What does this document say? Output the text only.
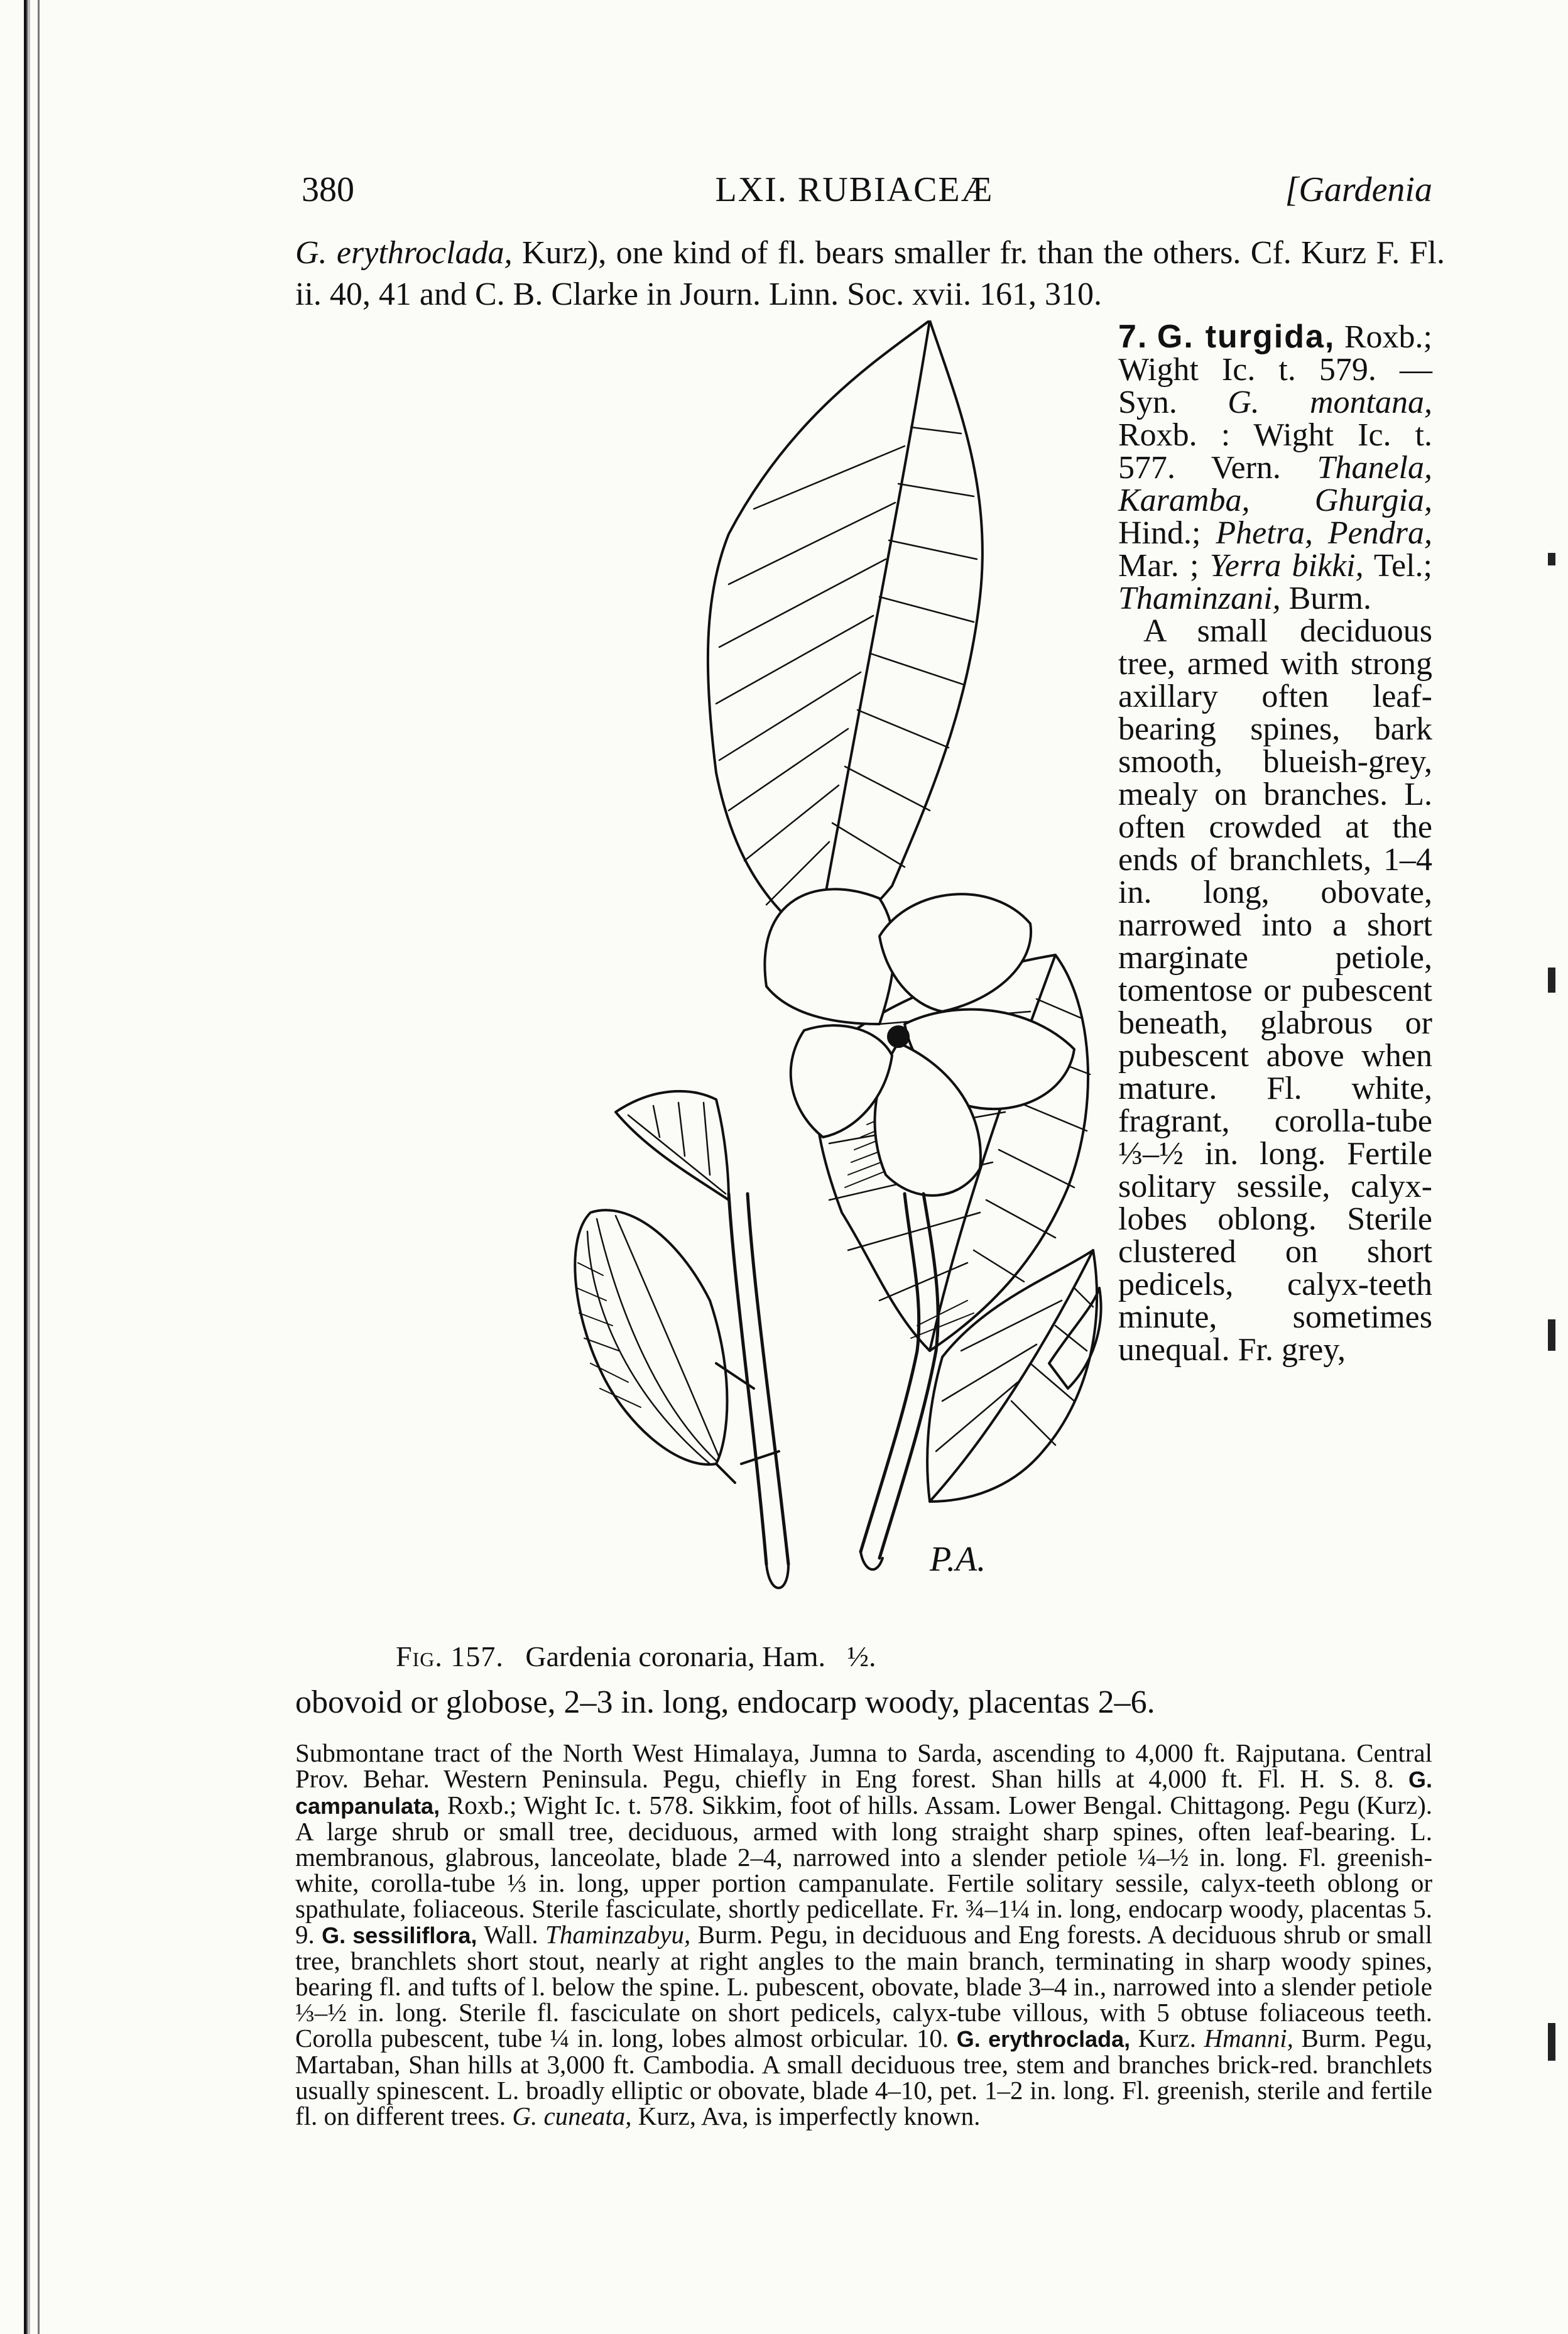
380	LXI. RUBIACEÆ	[Gardenia
G. erythroclada, Kurz), one kind of fl. bears smaller fr. than the others. Cf. Kurz F. Fl. ii. 40, 41 and C. B. Clarke in Journ. Linn. Soc. xvii. 161, 310.
P.A.
Fig. 157. Gardenia coronaria, Ham. ½.

7. G. turgida, Roxb.; Wight Ic. t. 579. — Syn. G. montana, Roxb. : Wight Ic. t. 577. Vern. Thanela, Karamba, Ghurgia, Hind.; Phetra, Pendra, Mar. ; Yerra bikki, Tel.; Thaminzani, Burm.

A small deciduous tree, armed with strong axillary often leaf-bearing spines, bark smooth, blueish-grey, mealy on branches. L. often crowded at the ends of branchlets, 1–4 in. long, obovate, narrowed into a short marginate petiole, tomentose or pubescent beneath, glabrous or pubescent above when mature. Fl. white, fragrant, corolla-tube ⅓–½ in. long. Fertile solitary sessile, calyx-lobes oblong. Sterile clustered on short pedicels, calyx-teeth minute, sometimes unequal. Fr. grey,

obovoid or globose, 2–3 in. long, endocarp woody, placentas 2–6.
Submontane tract of the North West Himalaya, Jumna to Sarda, ascending to 4,000 ft. Rajputana. Central Prov. Behar. Western Peninsula. Pegu, chiefly in Eng forest. Shan hills at 4,000 ft. Fl. H. S. 8. G. campanulata, Roxb.; Wight Ic. t. 578. Sikkim, foot of hills. Assam. Lower Bengal. Chittagong. Pegu (Kurz). A large shrub or small tree, deciduous, armed with long straight sharp spines, often leaf-bearing. L. membranous, glabrous, lanceolate, blade 2–4, narrowed into a slender petiole ¼–½ in. long. Fl. greenish-white, corolla-tube ⅓ in. long, upper portion campanulate. Fertile solitary sessile, calyx-teeth oblong or spathulate, foliaceous. Sterile fasciculate, shortly pedicellate. Fr. ¾–1¼ in. long, endocarp woody, placentas 5. 9. G. sessiliflora, Wall. Thaminzabyu, Burm. Pegu, in deciduous and Eng forests. A deciduous shrub or small tree, branchlets short stout, nearly at right angles to the main branch, terminating in sharp woody spines, bearing fl. and tufts of l. below the spine. L. pubescent, obovate, blade 3–4 in., narrowed into a slender petiole ⅓–½ in. long. Sterile fl. fasciculate on short pedicels, calyx-tube villous, with 5 obtuse foliaceous teeth. Corolla pubescent, tube ¼ in. long, lobes almost orbicular. 10. G. erythroclada, Kurz. Hmanni, Burm. Pegu, Martaban, Shan hills at 3,000 ft. Cambodia. A small deciduous tree, stem and branches brick-red. branchlets usually spinescent. L. broadly elliptic or obovate, blade 4–10, pet. 1–2 in. long. Fl. greenish, sterile and fertile fl. on different trees. G. cuneata, Kurz, Ava, is imperfectly known.
